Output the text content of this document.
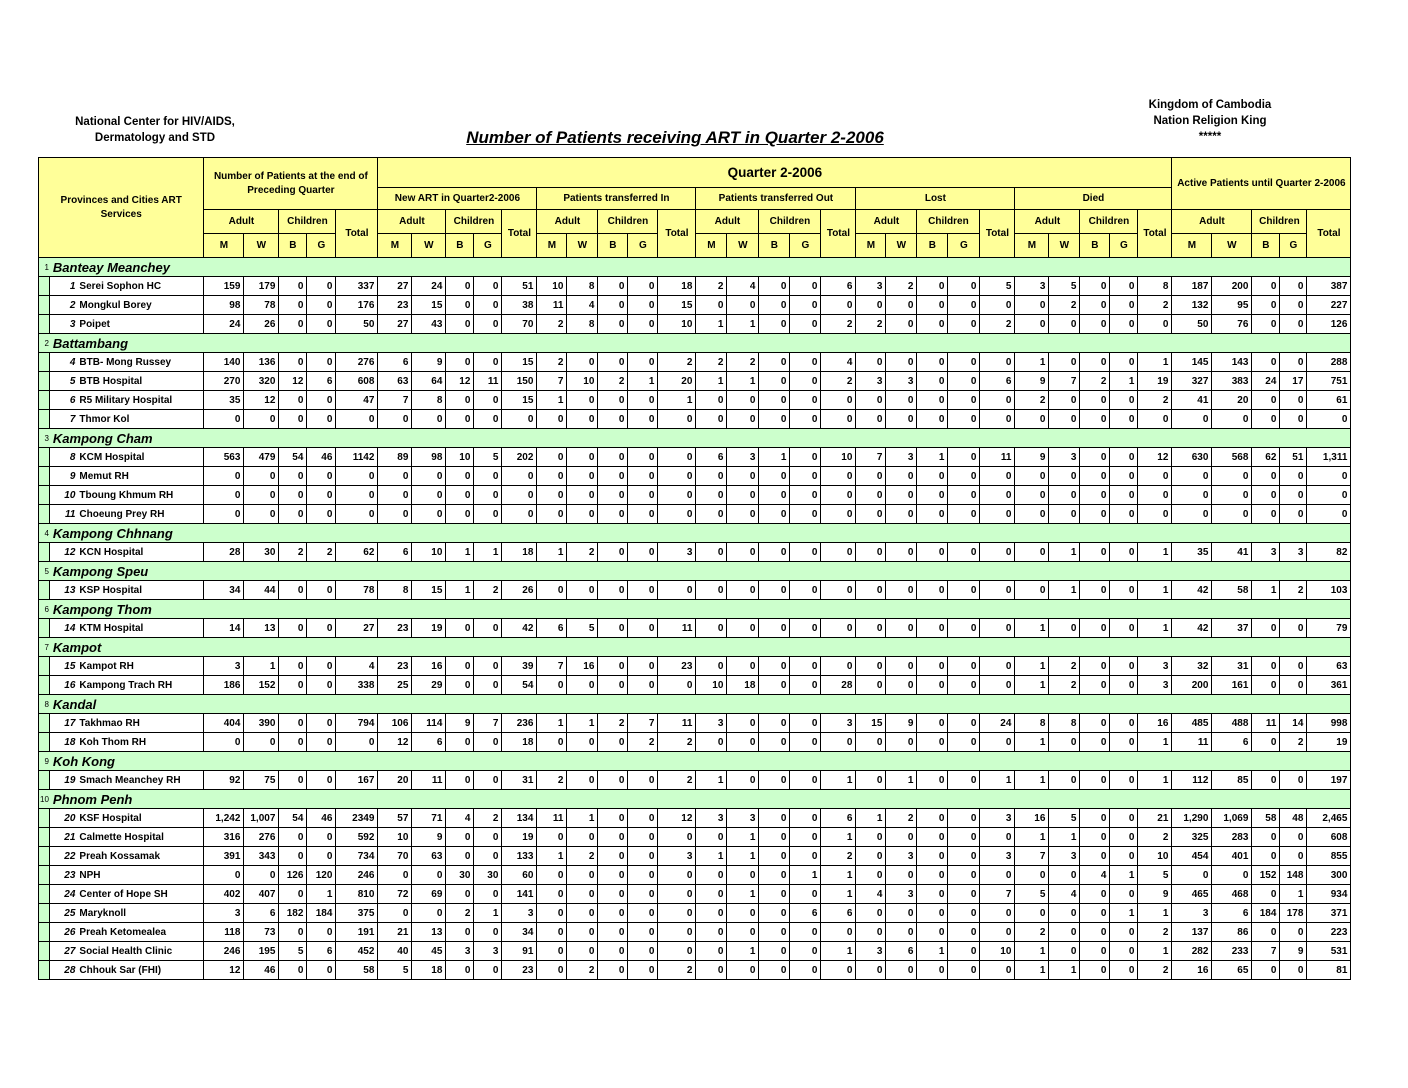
National Center for HIV/AIDS,
Dermatology and STD
Kingdom of Cambodia
Nation Religion King
*****
Number of Patients receiving ART in Quarter 2-2006
Provinces and Cities ART Services		Number of Patients at the end of Preceding Quarter					Quarter 2-2006																									Active Patients until Quarter 2-2006				
							New ART in Quarter2-2006					Patients transferred In					Patients transferred Out					Lost					Died									
		Adult		Children		Total	Adult		Children		Total	Adult		Children		Total	Adult		Children		Total	Adult		Children		Total	Adult		Children		Total	Adult		Children		Total
		M	W	B	G		M	W	B	G		M	W	B	G		M	W	B	G		M	W	B	G		M	W	B	G		M	W	B	G	
1	Banteay Meanchey																																			
	1 Serei Sophon HC	159	179	0	0	337	27	24	0	0	51	10	8	0	0	18	2	4	0	0	6	3	2	0	0	5	3	5	0	0	8	187	200	0	0	387
	2 Mongkul Borey	98	78	0	0	176	23	15	0	0	38	11	4	0	0	15	0	0	0	0	0	0	0	0	0	0	0	2	0	0	2	132	95	0	0	227
	3 Poipet	24	26	0	0	50	27	43	0	0	70	2	8	0	0	10	1	1	0	0	2	2	0	0	0	2	0	0	0	0	0	50	76	0	0	126
2	Battambang																																			
	4 BTB- Mong Russey	140	136	0	0	276	6	9	0	0	15	2	0	0	0	2	2	2	0	0	4	0	0	0	0	0	1	0	0	0	1	145	143	0	0	288
	5 BTB Hospital	270	320	12	6	608	63	64	12	11	150	7	10	2	1	20	1	1	0	0	2	3	3	0	0	6	9	7	2	1	19	327	383	24	17	751
	6 R5 Military Hospital	35	12	0	0	47	7	8	0	0	15	1	0	0	0	1	0	0	0	0	0	0	0	0	0	0	2	0	0	0	2	41	20	0	0	61
	7 Thmor Kol	0	0	0	0	0	0	0	0	0	0	0	0	0	0	0	0	0	0	0	0	0	0	0	0	0	0	0	0	0	0	0	0	0	0	0
3	Kampong Cham																																			
	8 KCM Hospital	563	479	54	46	1142	89	98	10	5	202	0	0	0	0	0	6	3	1	0	10	7	3	1	0	11	9	3	0	0	12	630	568	62	51	1,311
	9 Memut RH	0	0	0	0	0	0	0	0	0	0	0	0	0	0	0	0	0	0	0	0	0	0	0	0	0	0	0	0	0	0	0	0	0	0	0
	10 Tboung Khmum RH	0	0	0	0	0	0	0	0	0	0	0	0	0	0	0	0	0	0	0	0	0	0	0	0	0	0	0	0	0	0	0	0	0	0	0
	11 Choeung Prey RH	0	0	0	0	0	0	0	0	0	0	0	0	0	0	0	0	0	0	0	0	0	0	0	0	0	0	0	0	0	0	0	0	0	0	0
4	Kampong Chhnang																																			
	12 KCN Hospital	28	30	2	2	62	6	10	1	1	18	1	2	0	0	3	0	0	0	0	0	0	0	0	0	0	0	1	0	0	1	35	41	3	3	82
5	Kampong Speu																																			
	13 KSP Hospital	34	44	0	0	78	8	15	1	2	26	0	0	0	0	0	0	0	0	0	0	0	0	0	0	0	0	1	0	0	1	42	58	1	2	103
6	Kampong Thom																																			
	14 KTM Hospital	14	13	0	0	27	23	19	0	0	42	6	5	0	0	11	0	0	0	0	0	0	0	0	0	0	1	0	0	0	1	42	37	0	0	79
7	Kampot																																			
	15 Kampot RH	3	1	0	0	4	23	16	0	0	39	7	16	0	0	23	0	0	0	0	0	0	0	0	0	0	1	2	0	0	3	32	31	0	0	63
	16 Kampong Trach RH	186	152	0	0	338	25	29	0	0	54	0	0	0	0	0	10	18	0	0	28	0	0	0	0	0	1	2	0	0	3	200	161	0	0	361
8	Kandal																																			
	17 Takhmao RH	404	390	0	0	794	106	114	9	7	236	1	1	2	7	11	3	0	0	0	3	15	9	0	0	24	8	8	0	0	16	485	488	11	14	998
	18 Koh Thom RH	0	0	0	0	0	12	6	0	0	18	0	0	0	2	2	0	0	0	0	0	0	0	0	0	0	1	0	0	0	1	11	6	0	2	19
9	Koh Kong																																			
	19 Smach Meanchey RH	92	75	0	0	167	20	11	0	0	31	2	0	0	0	2	1	0	0	0	1	0	1	0	0	1	1	0	0	0	1	112	85	0	0	197
10	Phnom Penh																																			
	20 KSF Hospital	1,242	1,007	54	46	2349	57	71	4	2	134	11	1	0	0	12	3	3	0	0	6	1	2	0	0	3	16	5	0	0	21	1,290	1,069	58	48	2,465
	21 Calmette Hospital	316	276	0	0	592	10	9	0	0	19	0	0	0	0	0	0	1	0	0	1	0	0	0	0	0	1	1	0	0	2	325	283	0	0	608
	22 Preah Kossamak	391	343	0	0	734	70	63	0	0	133	1	2	0	0	3	1	1	0	0	2	0	3	0	0	3	7	3	0	0	10	454	401	0	0	855
	23 NPH	0	0	126	120	246	0	0	30	30	60	0	0	0	0	0	0	0	0	1	1	0	0	0	0	0	0	0	4	1	5	0	0	152	148	300
	24 Center of Hope SH	402	407	0	1	810	72	69	0	0	141	0	0	0	0	0	0	1	0	0	1	4	3	0	0	7	5	4	0	0	9	465	468	0	1	934
	25 Maryknoll	3	6	182	184	375	0	0	2	1	3	0	0	0	0	0	0	0	0	6	6	0	0	0	0	0	0	0	0	1	1	3	6	184	178	371
	26 Preah Ketomealea	118	73	0	0	191	21	13	0	0	34	0	0	0	0	0	0	0	0	0	0	0	0	0	0	0	2	0	0	0	2	137	86	0	0	223
	27 Social Health Clinic	246	195	5	6	452	40	45	3	3	91	0	0	0	0	0	0	1	0	0	1	3	6	1	0	10	1	0	0	0	1	282	233	7	9	531
	28 Chhouk Sar (FHI)	12	46	0	0	58	5	18	0	0	23	0	2	0	0	2	0	0	0	0	0	0	0	0	0	0	1	1	0	0	2	16	65	0	0	81
